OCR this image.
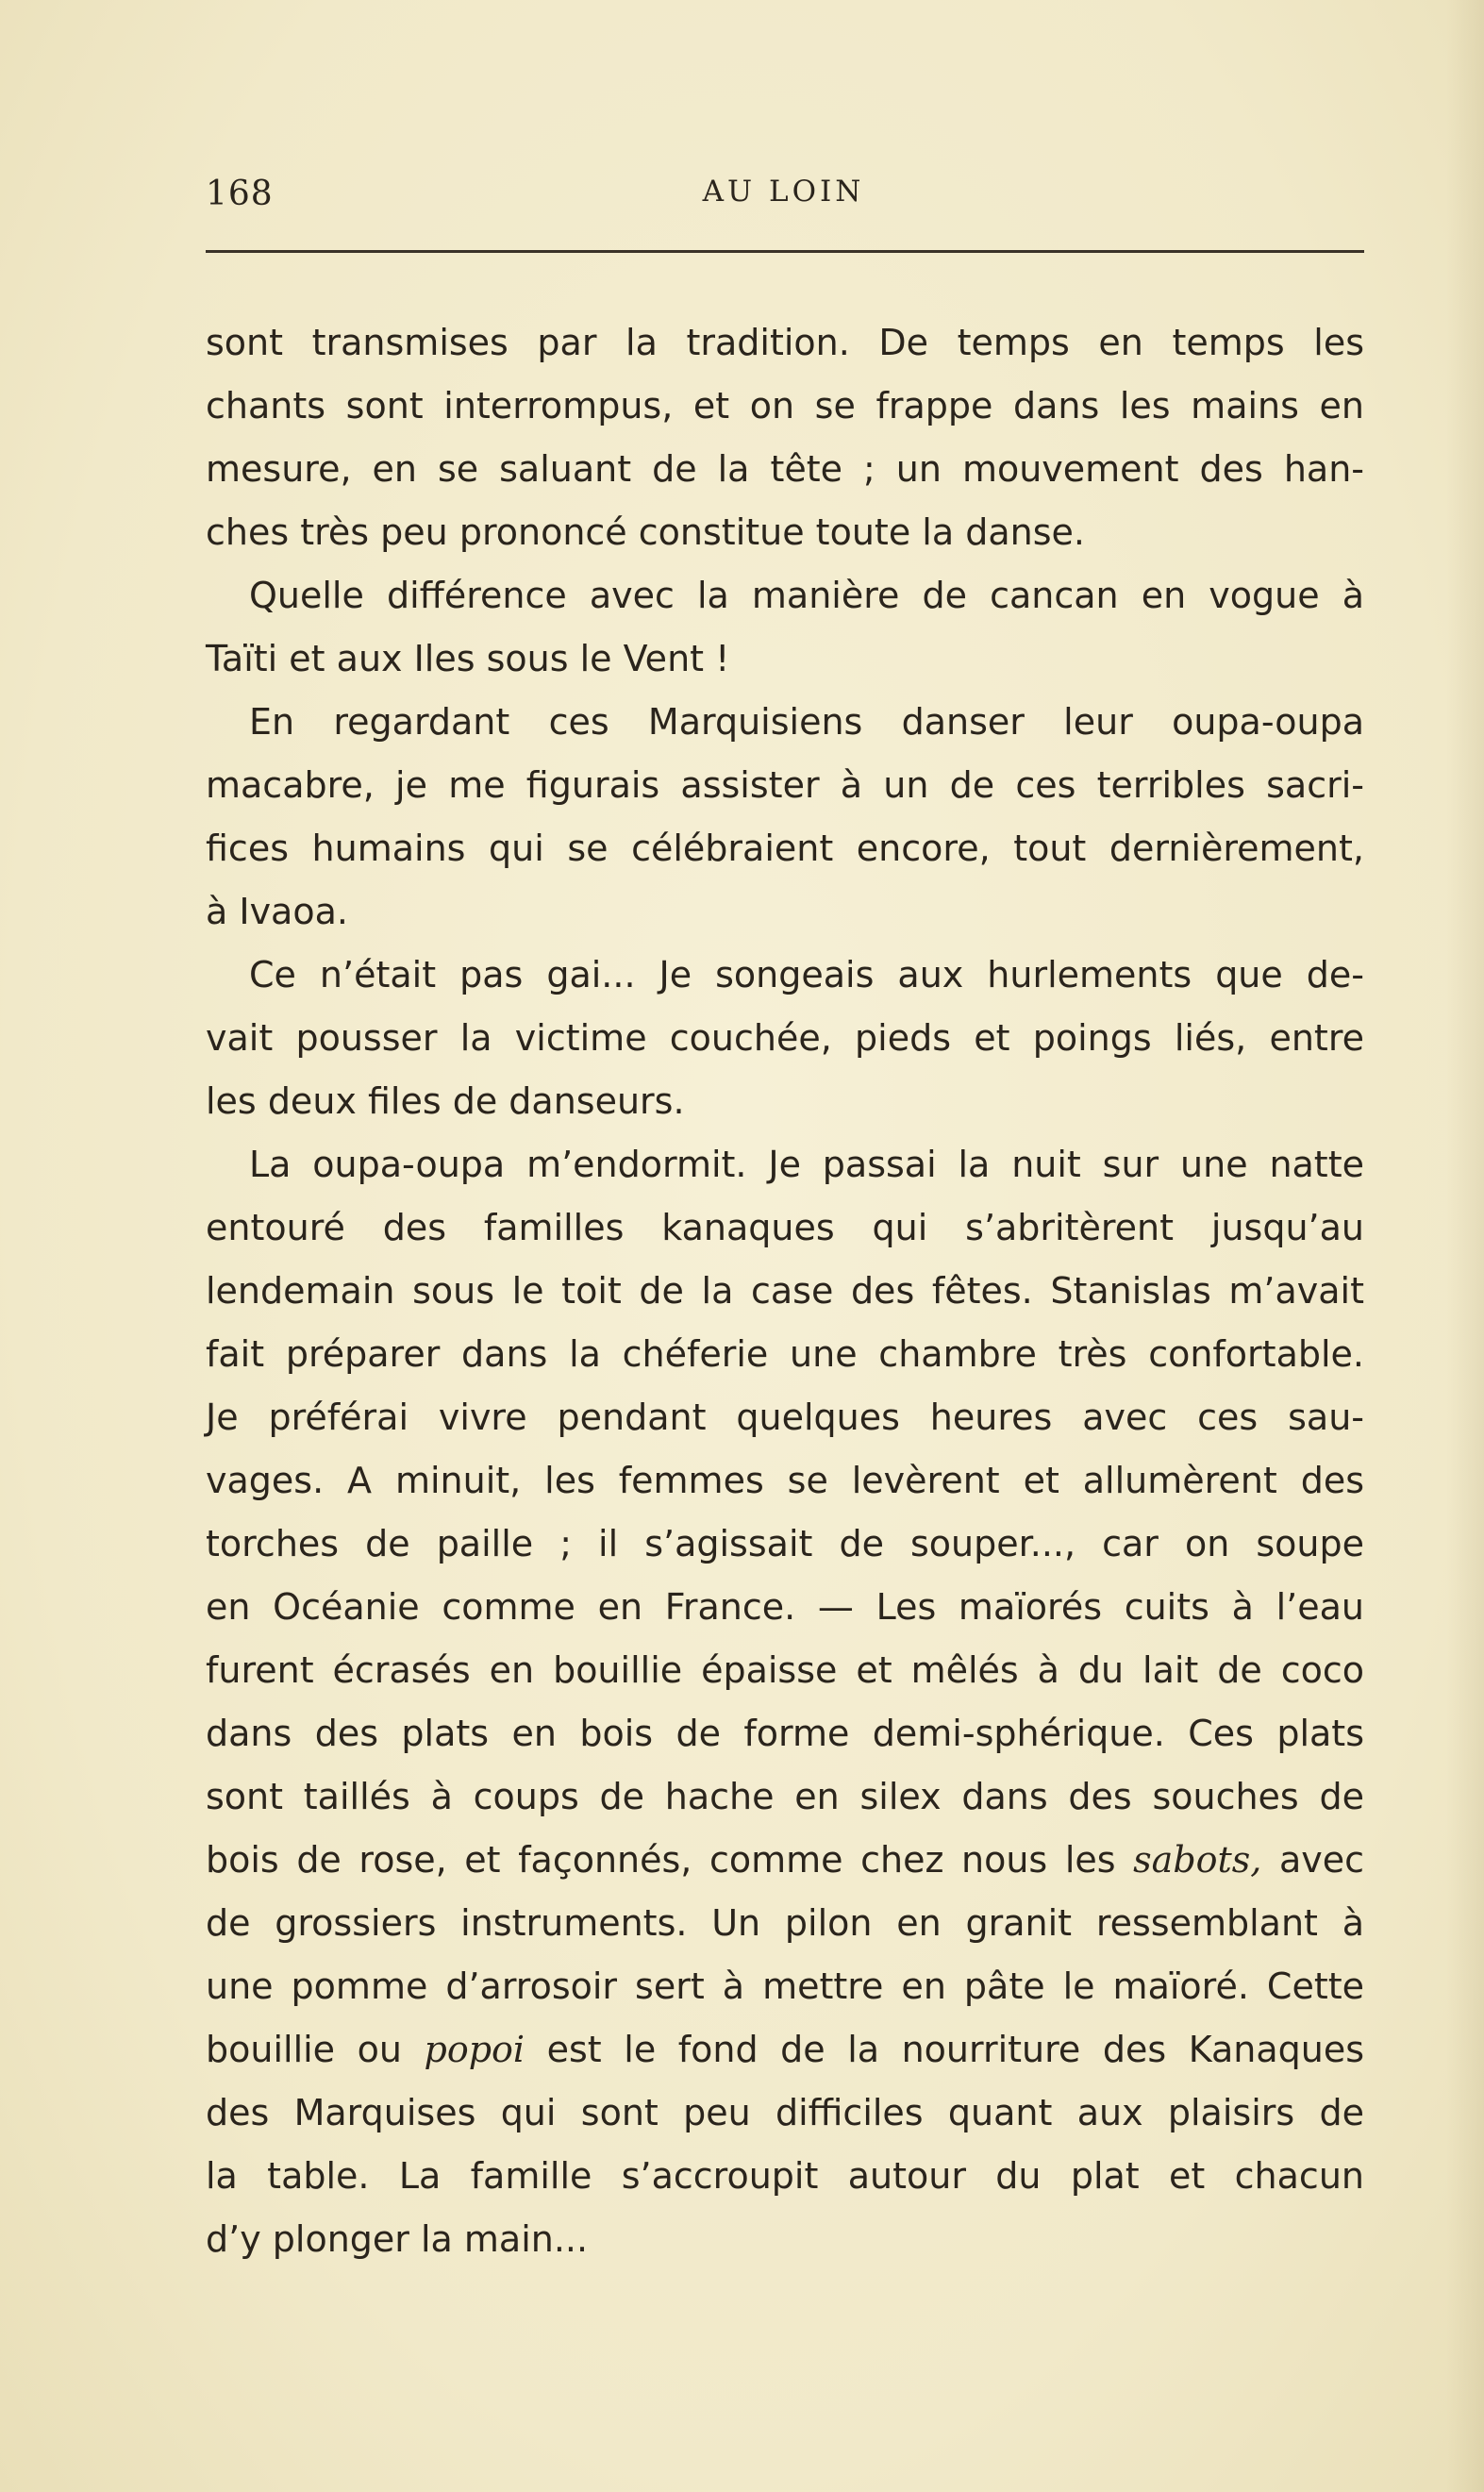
AU LOIN
168
sont transmises par la tradition. De temps en temps les
chants sont interrompus, et on se frappe dans les mains en
mesure, en se saluant de la tête ; un mouvement des han-
ches très peu prononcé constitue toute la danse.
Quelle différence avec la manière de cancan en vogue à
Taïti et aux Iles sous le Vent !
En regardant ces Marquisiens danser leur oupa-oupa
macabre, je me figurais assister à un de ces terribles sacri-
fices humains qui se célébraient encore, tout dernièrement,
à Ivaoa.
Ce n’était pas gai... Je songeais aux hurlements que de-
vait pousser la victime couchée, pieds et poings liés, entre
les deux files de danseurs.
La oupa-oupa m’endormit. Je passai la nuit sur une natte
entouré des familles kanaques qui s’abritèrent jusqu’au
lendemain sous le toit de la case des fêtes. Stanislas m’avait
fait préparer dans la chéferie une chambre très confortable.
Je préférai vivre pendant quelques heures avec ces sau-
vages. A minuit, les femmes se levèrent et allumèrent des
torches de paille ; il s’agissait de souper..., car on soupe
en Océanie comme en France. — Les maïorés cuits à l’eau
furent écrasés en bouillie épaisse et mêlés à du lait de coco
dans des plats en bois de forme demi-sphérique. Ces plats
sont taillés à coups de hache en silex dans des souches de
bois de rose, et façonnés, comme chez nous les sabots, avec
de grossiers instruments. Un pilon en granit ressemblant à
une pomme d’arrosoir sert à mettre en pâte le maïoré. Cette
bouillie ou popoi est le fond de la nourriture des Kanaques
des Marquises qui sont peu difficiles quant aux plaisirs de
la table. La famille s’accroupit autour du plat et chacun
d’y plonger la main...
